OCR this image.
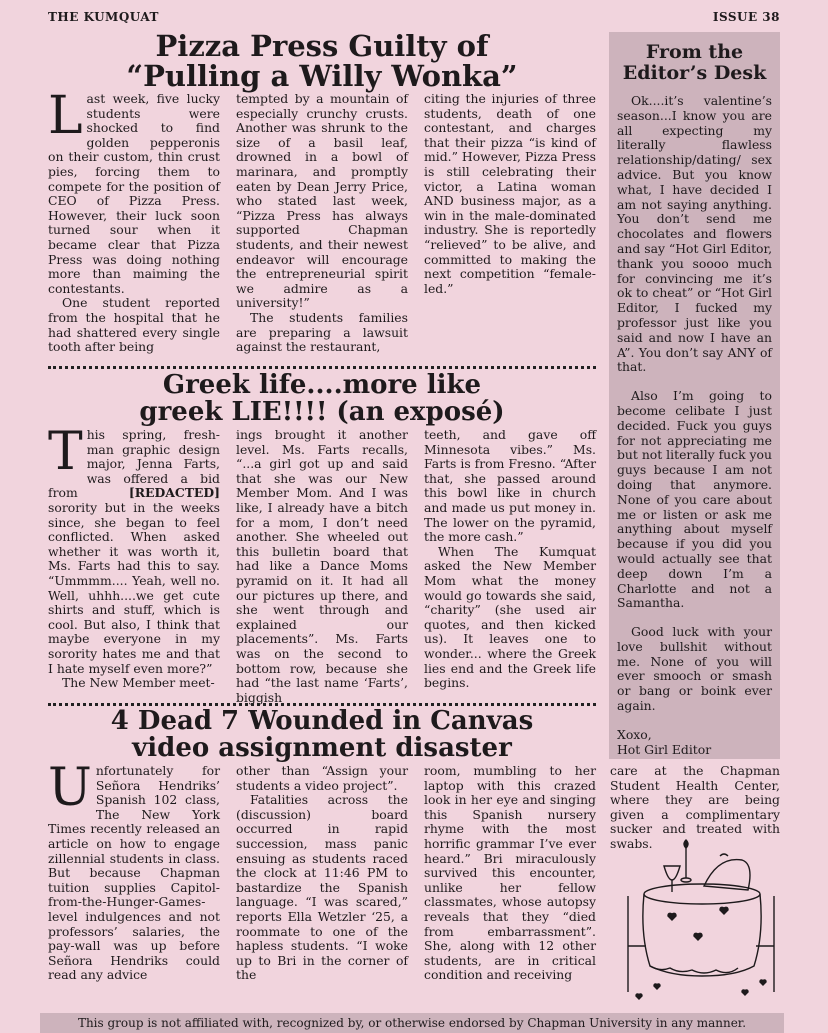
THE KUMQUAT	ISSUE 38
Pizza Press Guilty of
“Pulling a Willy Wonka”

Last week, five lucky students were shocked to find golden pepperonis on their custom, thin crust pies, forcing them to compete for the position of CEO of Pizza Press. However, their luck soon turned sour when it became clear that Pizza Press was doing nothing more than maiming the contestants.

One student reported from the hospital that he had shattered every single tooth after being

tempted by a mountain of especially crunchy crusts. Another was shrunk to the size of a basil leaf, drowned in a bowl of marinara, and promptly eaten by Dean Jerry Price, who stated last week, “Pizza Press has always supported Chapman students, and their newest endeavor will encourage the entrepreneurial spirit we admire as a university!”

The students families are preparing a lawsuit against the restaurant,

citing the injuries of three students, death of one contestant, and charges that their pizza “is kind of mid.” However, Pizza Press is still celebrating their victor, a Latina woman AND business major, as a win in the male-dominated industry. She is reportedly “relieved” to be alive, and committed to making the next competition “female-led.”

Greek life....more like
greek LIE!!!! (an exposé)

This spring, fresh-man graphic design major, Jenna Farts, was offered a bid from [REDACTED] sorority but in the weeks since, she began to feel conflicted. When asked whether it was worth it, Ms. Farts had this to say. “Ummmm.... Yeah, well no. Well, uhhh....we get cute shirts and stuff, which is cool. But also, I think that maybe everyone in my sorority hates me and that I hate myself even more?”

The New Member meet-

ings brought it another level. Ms. Farts recalls, “...a girl got up and said that she was our New Member Mom. And I was like, I already have a bitch for a mom, I don’t need another. She wheeled out this bulletin board that had like a Dance Moms pyramid on it. It had all our pictures up there, and she went through and explained our placements”. Ms. Farts was on the second to bottom row, because she had “the last name ‘Farts’, biggish

teeth, and gave off Minnesota vibes.” Ms. Farts is from Fresno. “After that, she passed around this bowl like in church and made us put money in. The lower on the pyramid, the more cash.”

When The Kumquat asked the New Member Mom what the money would go towards she said, “charity” (she used air quotes, and then kicked us). It leaves one to wonder... where the Greek lies end and the Greek life begins.

4 Dead 7 Wounded in Canvas
video assignment disaster

Unfortunately for Señora Hendriks’ Spanish 102 class, The New York Times recently released an article on how to engage zillennial students in class. But because Chapman tuition supplies Capitol-from-the-Hunger-Games-level indulgences and not professors’ salaries, the pay-wall was up before Señora Hendriks could read any advice

other than “Assign your students a video project”.

Fatalities across the (discussion) board occurred in rapid succession, mass panic ensuing as students raced the clock at 11:46 PM to bastardize the Spanish language. “I was scared,” reports Ella Wetzler ‘25, a roommate to one of the hapless students. “I woke up to Bri in the corner of the

room, mumbling to her laptop with this crazed look in her eye and singing this Spanish nursery rhyme with the most horrific grammar I’ve ever heard.” Bri miraculously survived this encounter, unlike her fellow classmates, whose autopsy reveals that they “died from embarrassment”. She, along with 12 other students, are in critical condition and receiving

care at the Chapman Student Health Center, where they are being given a complimentary sucker and treated with swabs.

From the
Editor’s Desk

Ok....it’s valentine’s season...I know you are all expecting my literally flawless relationship/dating/ sex advice. But you know what, I have decided I am not saying anything. You don’t send me chocolates and flowers and say “Hot Girl Editor, thank you soooo much for convincing me it’s ok to cheat” or “Hot Girl Editor, I fucked my professor just like you said and now I have an A”. You don’t say ANY of that.

Also I’m going to become celibate I just decided. Fuck you guys for not appreciating me but not literally fuck you guys because I am not doing that anymore. None of you care about me or listen or ask me anything about myself because if you did you would actually see that deep down I’m a Charlotte and not a Samantha.

Good luck with your love bullshit without me. None of you will ever smooch or smash or bang or boink ever again.

Xoxo,

Hot Girl Editor

This group is not affiliated with, recognized by, or otherwise endorsed by Chapman University in any manner.
